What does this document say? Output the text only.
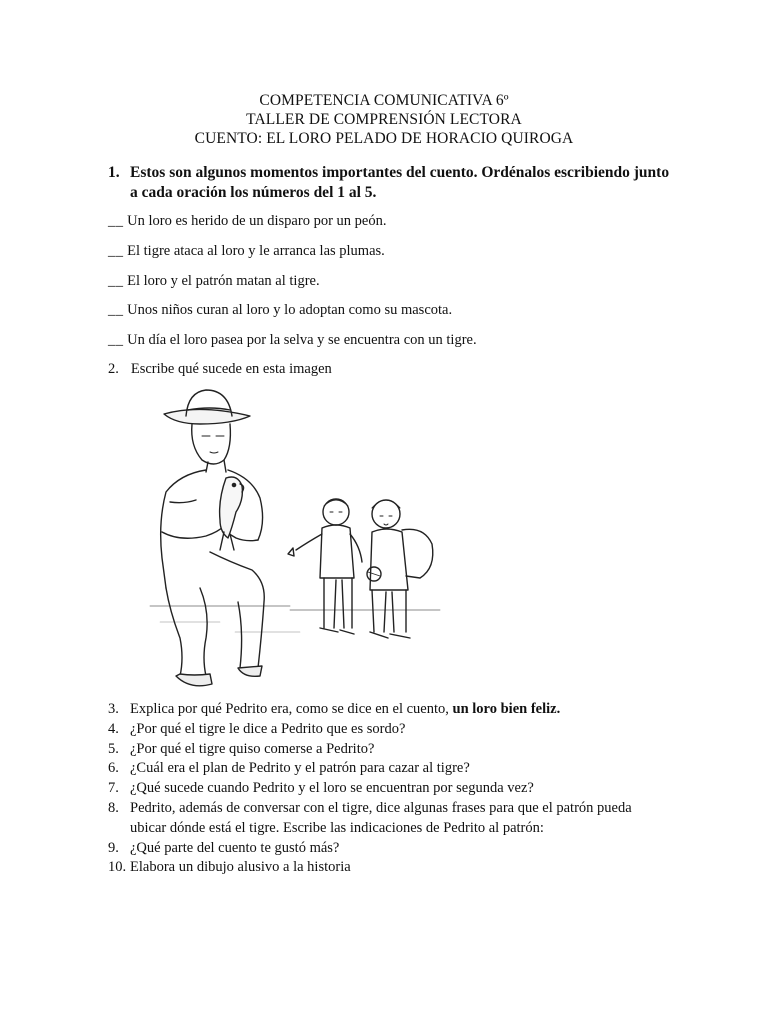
COMPETENCIA COMUNICATIVA 6º
TALLER DE COMPRENSIÓN LECTORA
CUENTO: EL LORO PELADO DE HORACIO QUIROGA
1. Estos son algunos momentos importantes del cuento. Ordénalos escribiendo junto
a cada oración los números del 1 al 5.
__ Un loro es herido de un disparo por un peón.
__ El tigre ataca al loro y le arranca las plumas.
__ El loro y el patrón matan al tigre.
__ Unos niños curan al loro y lo adoptan como su mascota.
__ Un día el loro pasea por la selva y se encuentra con un tigre.
2. Escribe qué sucede en esta imagen
3. Explica por qué Pedrito era, como se dice en el cuento, un loro bien feliz.
4. ¿Por qué el tigre le dice a Pedrito que es sordo?
5. ¿Por qué el tigre quiso comerse a Pedrito?
6. ¿Cuál era el plan de Pedrito y el patrón para cazar al tigre?
7. ¿Qué sucede cuando Pedrito y el loro se encuentran por segunda vez?
8. Pedrito, además de conversar con el tigre, dice algunas frases para que el patrón pueda
ubicar dónde está el tigre. Escribe las indicaciones de Pedrito al patrón:
9. ¿Qué parte del cuento te gustó más?
10. Elabora un dibujo alusivo a la historia
